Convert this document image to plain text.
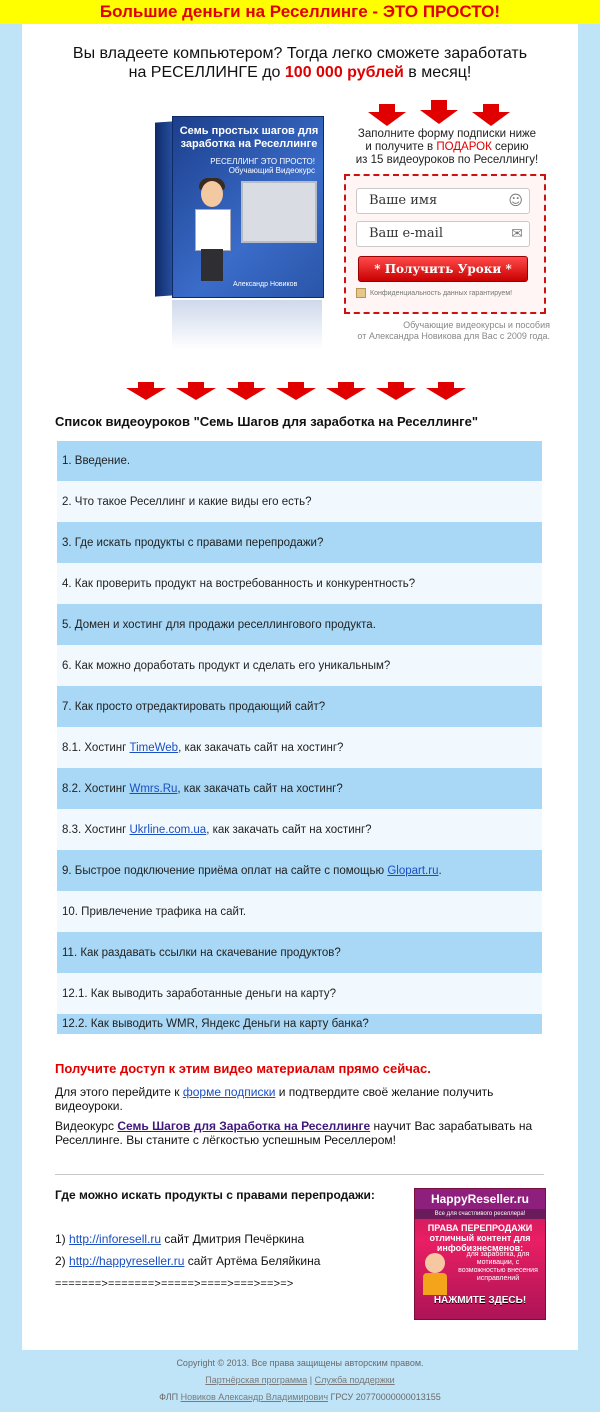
Большие деньги на Реселлинге - ЭТО ПРОСТО!
Вы владеете компьютером? Тогда легко сможете заработать
на РЕСЕЛЛИНГЕ до 100 000 рублей в месяц!
Семь простых шагов для заработка на Реселлинге
РЕСЕЛЛИНГ ЭТО ПРОСТО! Обучающий Видеокурс
Александр Новиков
Заполните форму подписки ниже
и получите в ПОДАРОК серию
из 15 видеоуроков по Реселлингу!
Ваше имя
☺
Ваш e-mail
✉
* Получить Уроки *
Конфиденциальность данных гарантируем!
Обучающие видеокурсы и пособия
от Александра Новикова для Вас с 2009 года.
Список видеоуроков "Семь Шагов для заработка на Реселлинге"
1. Введение.
2. Что такое Реселлинг и какие виды его есть?
3. Где искать продукты с правами перепродажи?
4. Как проверить продукт на востребованность и конкурентность?
5. Домен и хостинг для продажи реселлингового продукта.
6. Как можно доработать продукт и сделать его уникальным?
7. Как просто отредактировать продающий сайт?
8.1. Хостинг TimeWeb, как закачать сайт на хостинг?
8.2. Хостинг Wmrs.Ru, как закачать сайт на хостинг?
8.3. Хостинг Ukrline.com.ua, как закачать сайт на хостинг?
9. Быстрое подключение приёма оплат на сайте с помощью Glopart.ru.
10. Привлечение трафика на сайт.
11. Как раздавать ссылки на скачевание продуктов?
12.1. Как выводить заработанные деньги на карту?
12.2. Как выводить WMR, Яндекс Деньги на карту банка?
Получите доступ к этим видео материалам прямо сейчас.
Для этого перейдите к форме подписки и подтвердите своё желание получить видеоуроки.
Видеокурс Семь Шагов для Заработка на Реселлинге научит Вас зарабатывать на Реселлинге. Вы станите с лёгкостью успешным Реселлером!
Где можно искать продукты с правами перепродажи:
1) http://inforesell.ru сайт Дмитрия Печёркина
2) http://happyreseller.ru сайт Артёма Беляйкина
=======>=======>=====>====>===>==>=>
HappyReseller.ru
Все для счастливого реселлера!
ПРАВА ПЕРЕПРОДАЖИ отличный контент для инфобизнесменов:
для заработка, для мотивации, с возможностью внесения исправлений
НАЖМИТЕ ЗДЕСЬ!
Copyright © 2013. Все права защищены авторским правом.
Партнёрская программа | Служба поддержки
ФЛП Новиков Александр Владимирович ГРСУ 20770000000013155
